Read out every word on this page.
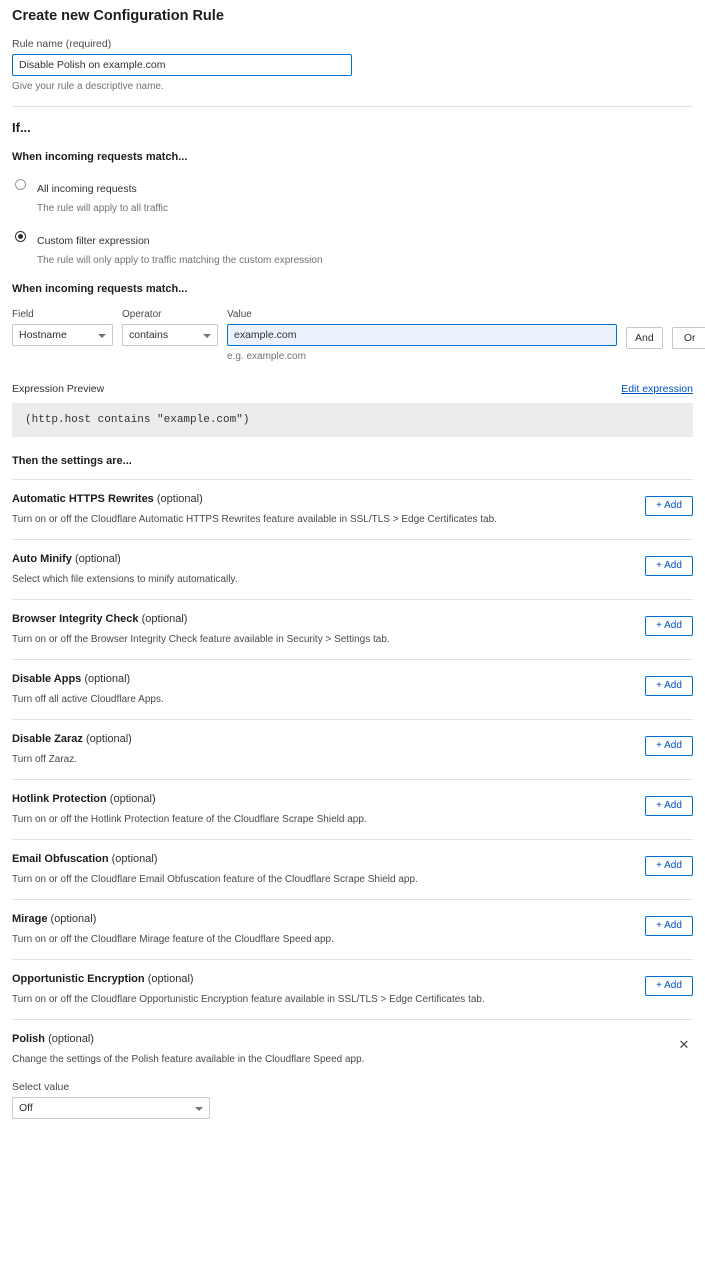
Create new Configuration Rule
Rule name (required)
Disable Polish on example.com
Give your rule a descriptive name.
If...
When incoming requests match...
All incoming requests
The rule will apply to all traffic
Custom filter expression
The rule will only apply to traffic matching the custom expression
When incoming requests match...
Field
Hostname
Operator
contains
Value
example.com
e.g. example.com
And	Or
Expression Preview	Edit expression
(http.host contains "example.com")
Then the settings are...
Automatic HTTPS Rewrites (optional)
Turn on or off the Cloudflare Automatic HTTPS Rewrites feature available in SSL/TLS > Edge Certificates tab.
+ Add
Auto Minify (optional)
Select which file extensions to minify automatically.
+ Add
Browser Integrity Check (optional)
Turn on or off the Browser Integrity Check feature available in Security > Settings tab.
+ Add
Disable Apps (optional)
Turn off all active Cloudflare Apps.
+ Add
Disable Zaraz (optional)
Turn off Zaraz.
+ Add
Hotlink Protection (optional)
Turn on or off the Hotlink Protection feature of the Cloudflare Scrape Shield app.
+ Add
Email Obfuscation (optional)
Turn on or off the Cloudflare Email Obfuscation feature of the Cloudflare Scrape Shield app.
+ Add
Mirage (optional)
Turn on or off the Cloudflare Mirage feature of the Cloudflare Speed app.
+ Add
Opportunistic Encryption (optional)
Turn on or off the Cloudflare Opportunistic Encryption feature available in SSL/TLS > Edge Certificates tab.
+ Add
Polish (optional)
Change the settings of the Polish feature available in the Cloudflare Speed app.
✕
Select value
Off
